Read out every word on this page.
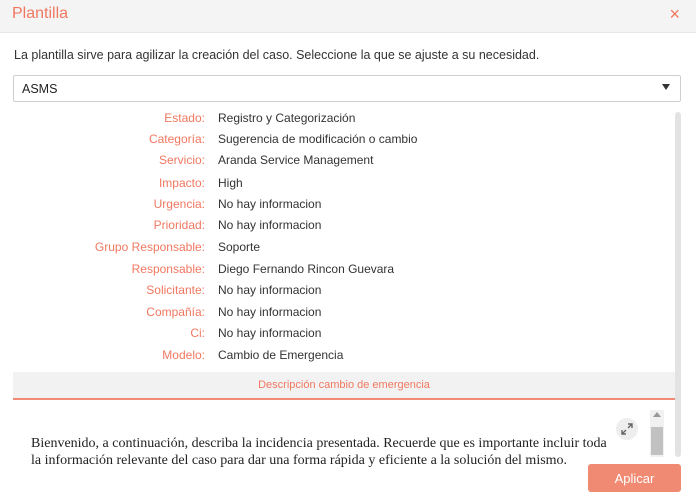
Plantilla	×
La plantilla sirve para agilizar la creación del caso. Seleccione la que se ajuste a su necesidad.
ASMS
Estado: Registro y Categorización
Categoría: Sugerencia de modificación o cambio
Servicio: Aranda Service Management
Impacto: High
Urgencia: No hay informacion
Prioridad: No hay informacion
Grupo Responsable: Soporte
Responsable: Diego Fernando Rincon Guevara
Solicitante: No hay informacion
Compañía: No hay informacion
Ci: No hay informacion
Modelo: Cambio de Emergencia
Descripción cambio de emergencia
Bienvenido, a continuación, describa la incidencia presentada. Recuerde que es importante incluir toda
la información relevante del caso para dar una forma rápida y eficiente a la solución del mismo.
Aplicar
